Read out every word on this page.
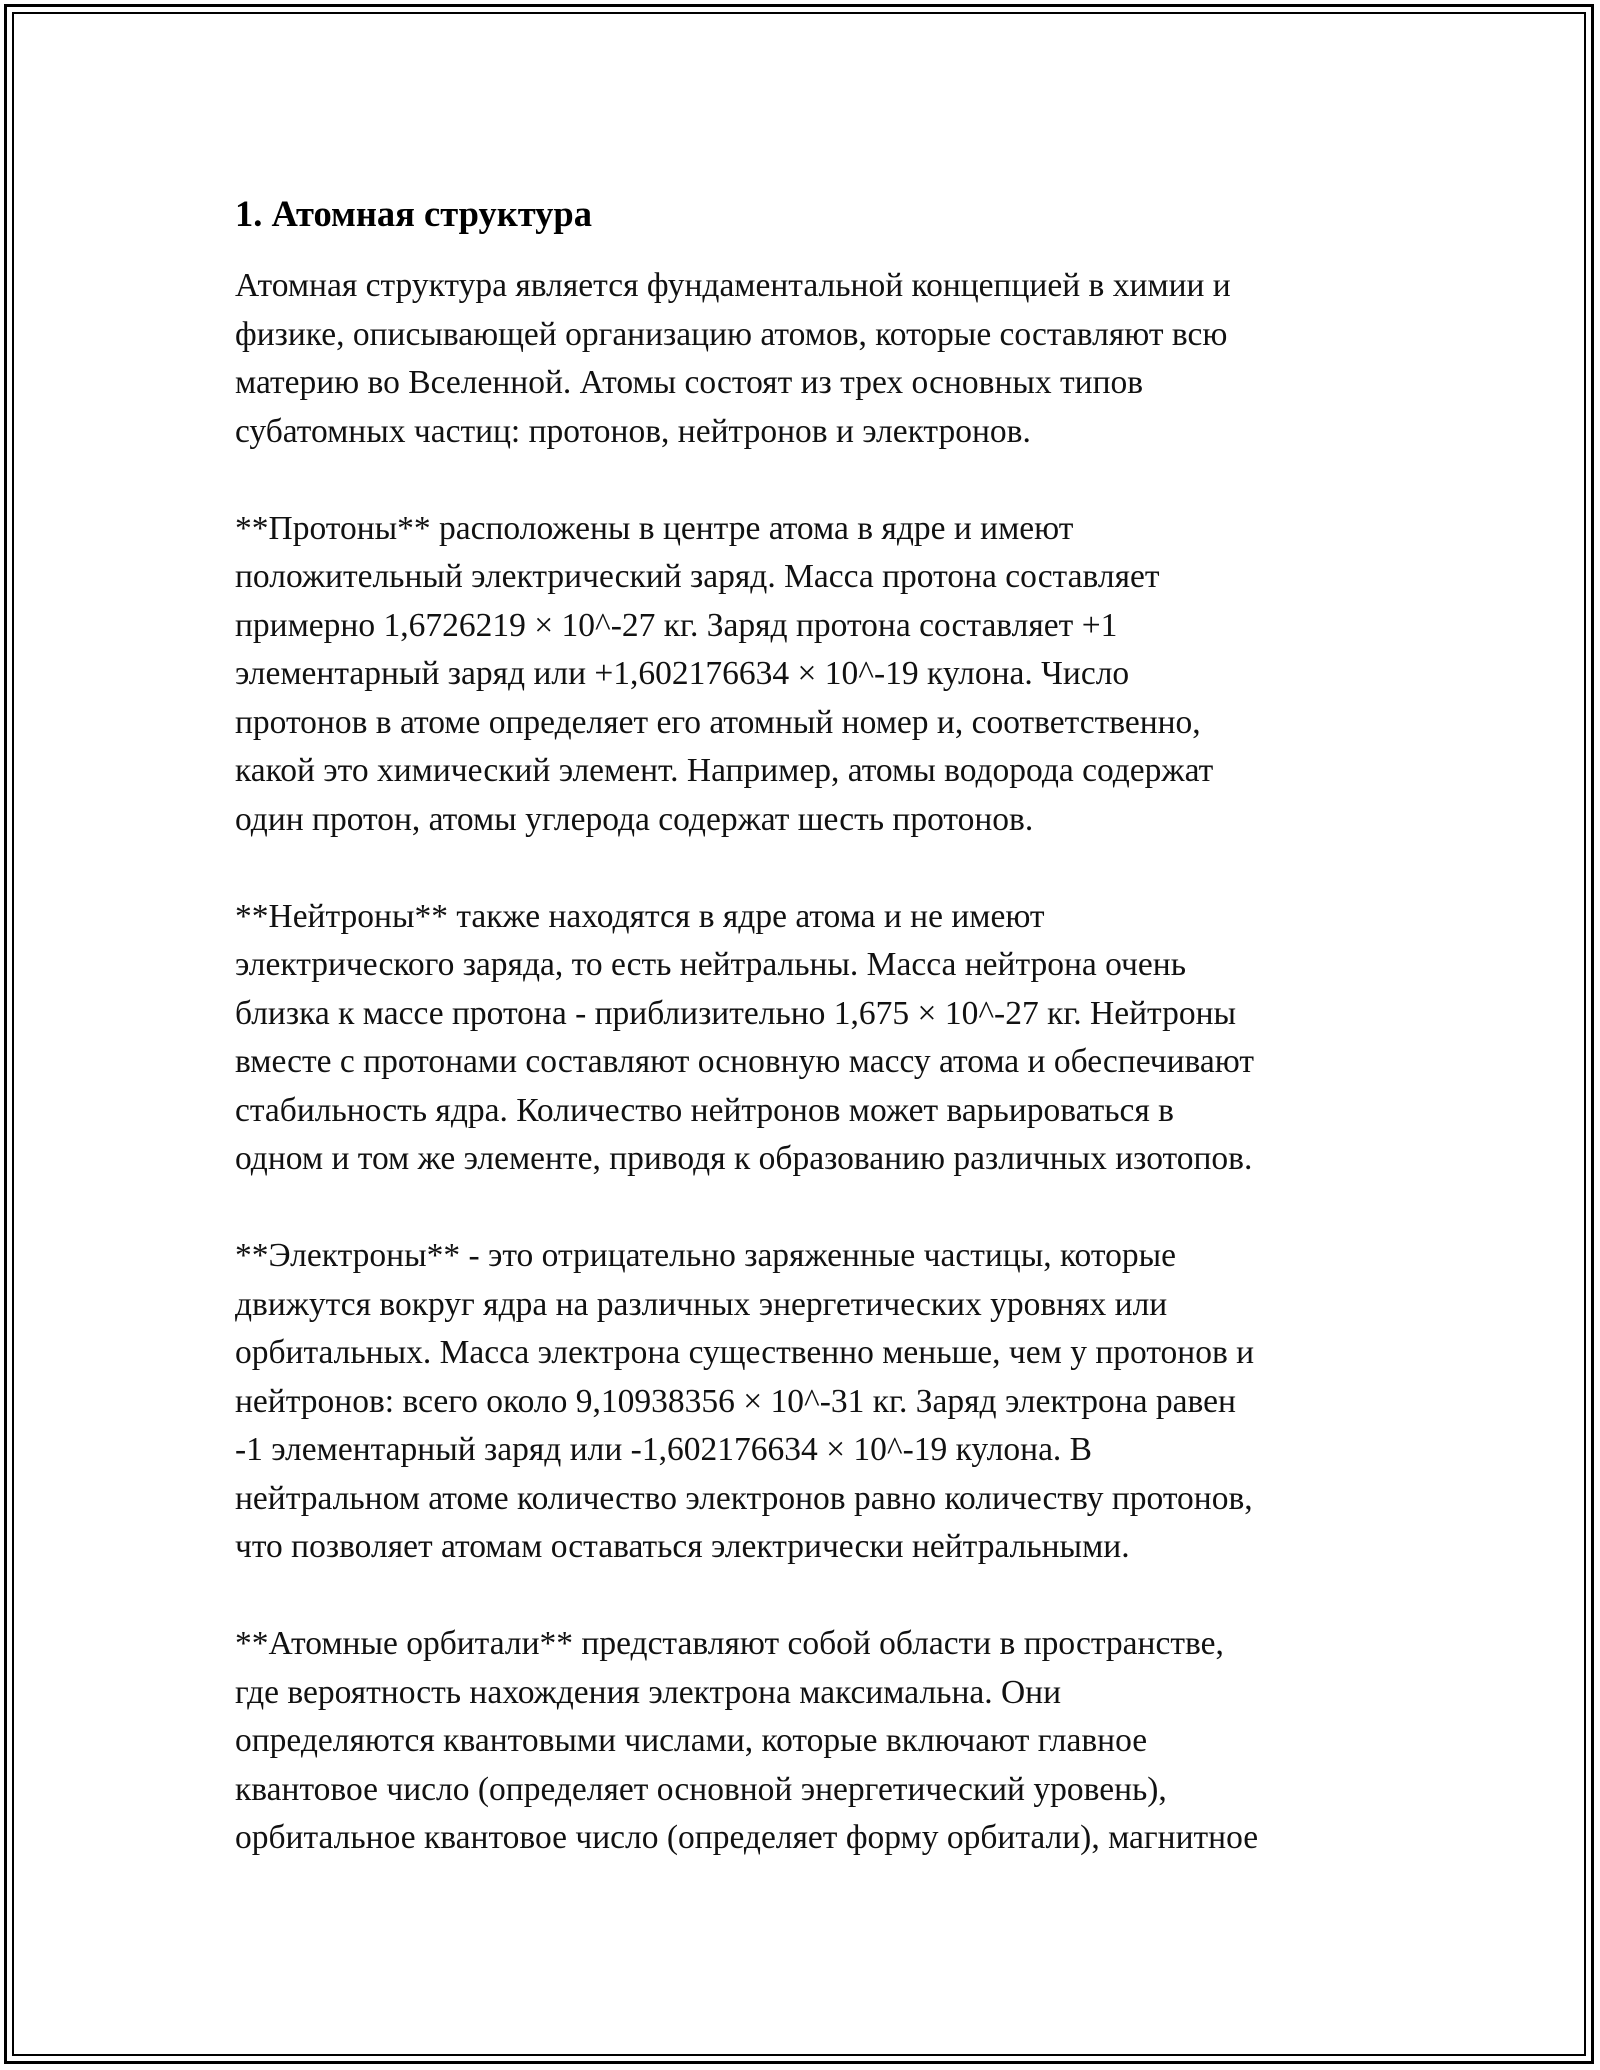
1. Атомная структура
Атомная структура является фундаментальной концепцией в химии и
физике, описывающей организацию атомов, которые составляют всю
материю во Вселенной. Атомы состоят из трех основных типов
субатомных частиц: протонов, нейтронов и электронов.
**Протоны** расположены в центре атома в ядре и имеют
положительный электрический заряд. Масса протона составляет
примерно 1,6726219 × 10^-27 кг. Заряд протона составляет +1
элементарный заряд или +1,602176634 × 10^-19 кулона. Число
протонов в атоме определяет его атомный номер и, соответственно,
какой это химический элемент. Например, атомы водорода содержат
один протон, атомы углерода содержат шесть протонов.
**Нейтроны** также находятся в ядре атома и не имеют
электрического заряда, то есть нейтральны. Масса нейтрона очень
близка к массе протона - приблизительно 1,675 × 10^-27 кг. Нейтроны
вместе с протонами составляют основную массу атома и обеспечивают
стабильность ядра. Количество нейтронов может варьироваться в
одном и том же элементе, приводя к образованию различных изотопов.
**Электроны** - это отрицательно заряженные частицы, которые
движутся вокруг ядра на различных энергетических уровнях или
орбитальных. Масса электрона существенно меньше, чем у протонов и
нейтронов: всего около 9,10938356 × 10^-31 кг. Заряд электрона равен
-1 элементарный заряд или -1,602176634 × 10^-19 кулона. В
нейтральном атоме количество электронов равно количеству протонов,
что позволяет атомам оставаться электрически нейтральными.
**Атомные орбитали** представляют собой области в пространстве,
где вероятность нахождения электрона максимальна. Они
определяются квантовыми числами, которые включают главное
квантовое число (определяет основной энергетический уровень),
орбитальное квантовое число (определяет форму орбитали), магнитное
